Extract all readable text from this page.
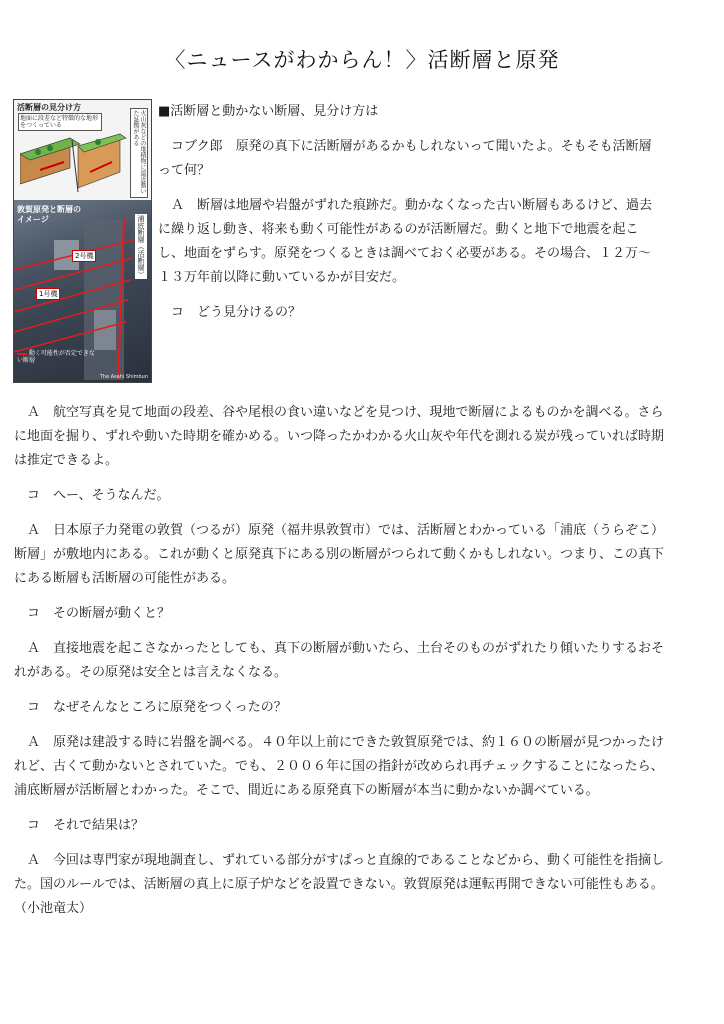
〈ニュースがわからん！〉活断層と原発
活断層の見分け方
地面に段差など特徴的な地形をつくっている	火山灰などの堆積物に最近動いた証拠がある
敦賀原発と断層のイメージ	浦底断層（活断層）
2号機
1号機
動く可能性が否定できない断層
The Asahi Shimbun

■活断層と動かない断層、見分け方は

　コブク郎　原発の真下に活断層があるかもしれないって聞いたよ。そもそも活断層って何？

　Ａ　断層は地層や岩盤がずれた痕跡だ。動かなくなった古い断層もあるけど、過去に繰り返し動き、将来も動く可能性があるのが活断層だ。動くと地下で地震を起こし、地面をずらす。原発をつくるときは調べておく必要がある。その場合、１２万～１３万年前以降に動いているかが目安だ。

　コ　どう見分けるの？

　Ａ　航空写真を見て地面の段差、谷や尾根の食い違いなどを見つけ、現地で断層によるものかを調べる。さらに地面を掘り、ずれや動いた時期を確かめる。いつ降ったかわかる火山灰や年代を測れる炭が残っていれば時期は推定できるよ。

　コ　へー、そうなんだ。

　Ａ　日本原子力発電の敦賀（つるが）原発（福井県敦賀市）では、活断層とわかっている「浦底（うらぞこ）断層」が敷地内にある。これが動くと原発真下にある別の断層がつられて動くかもしれない。つまり、この真下にある断層も活断層の可能性がある。

　コ　その断層が動くと？

　Ａ　直接地震を起こさなかったとしても、真下の断層が動いたら、土台そのものがずれたり傾いたりするおそれがある。その原発は安全とは言えなくなる。

　コ　なぜそんなところに原発をつくったの？

　Ａ　原発は建設する時に岩盤を調べる。４０年以上前にできた敦賀原発では、約１６０の断層が見つかったけれど、古くて動かないとされていた。でも、２００６年に国の指針が改められ再チェックすることになったら、浦底断層が活断層とわかった。そこで、間近にある原発真下の断層が本当に動かないか調べている。

　コ　それで結果は？

　Ａ　今回は専門家が現地調査し、ずれている部分がすぱっと直線的であることなどから、動く可能性を指摘した。国のルールでは、活断層の真上に原子炉などを設置できない。敦賀原発は運転再開できない可能性もある。（小池竜太）
